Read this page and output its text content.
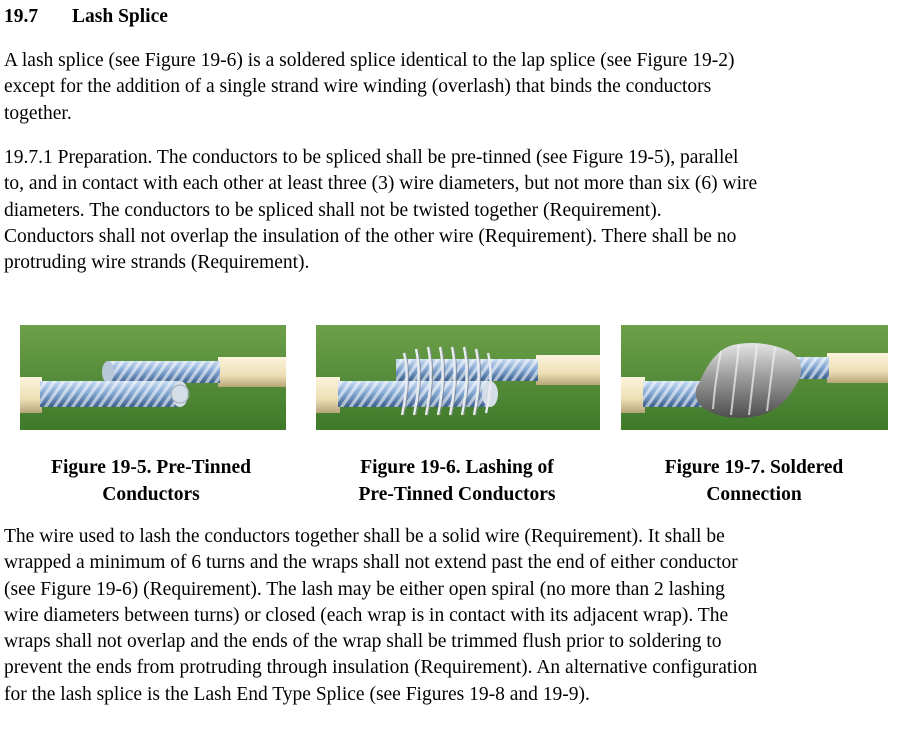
19.7 Lash Splice

A lash splice (see Figure 19-6) is a soldered splice identical to the lap splice (see Figure 19-2)
except for the addition of a single strand wire winding (overlash) that binds the conductors
together.

19.7.1 Preparation. The conductors to be spliced shall be pre-tinned (see Figure 19-5), parallel
to, and in contact with each other at least three (3) wire diameters, but not more than six (6) wire
diameters. The conductors to be spliced shall not be twisted together (Requirement).
Conductors shall not overlap the insulation of the other wire (Requirement). There shall be no
protruding wire strands (Requirement).

Figure 19-5. Pre-Tinned
Conductors

Figure 19-6. Lashing of
Pre-Tinned Conductors

Figure 19-7. Soldered
Connection

The wire used to lash the conductors together shall be a solid wire (Requirement). It shall be
wrapped a minimum of 6 turns and the wraps shall not extend past the end of either conductor
(see Figure 19-6) (Requirement). The lash may be either open spiral (no more than 2 lashing
wire diameters between turns) or closed (each wrap is in contact with its adjacent wrap). The
wraps shall not overlap and the ends of the wrap shall be trimmed flush prior to soldering to
prevent the ends from protruding through insulation (Requirement). An alternative configuration
for the lash splice is the Lash End Type Splice (see Figures 19-8 and 19-9).
